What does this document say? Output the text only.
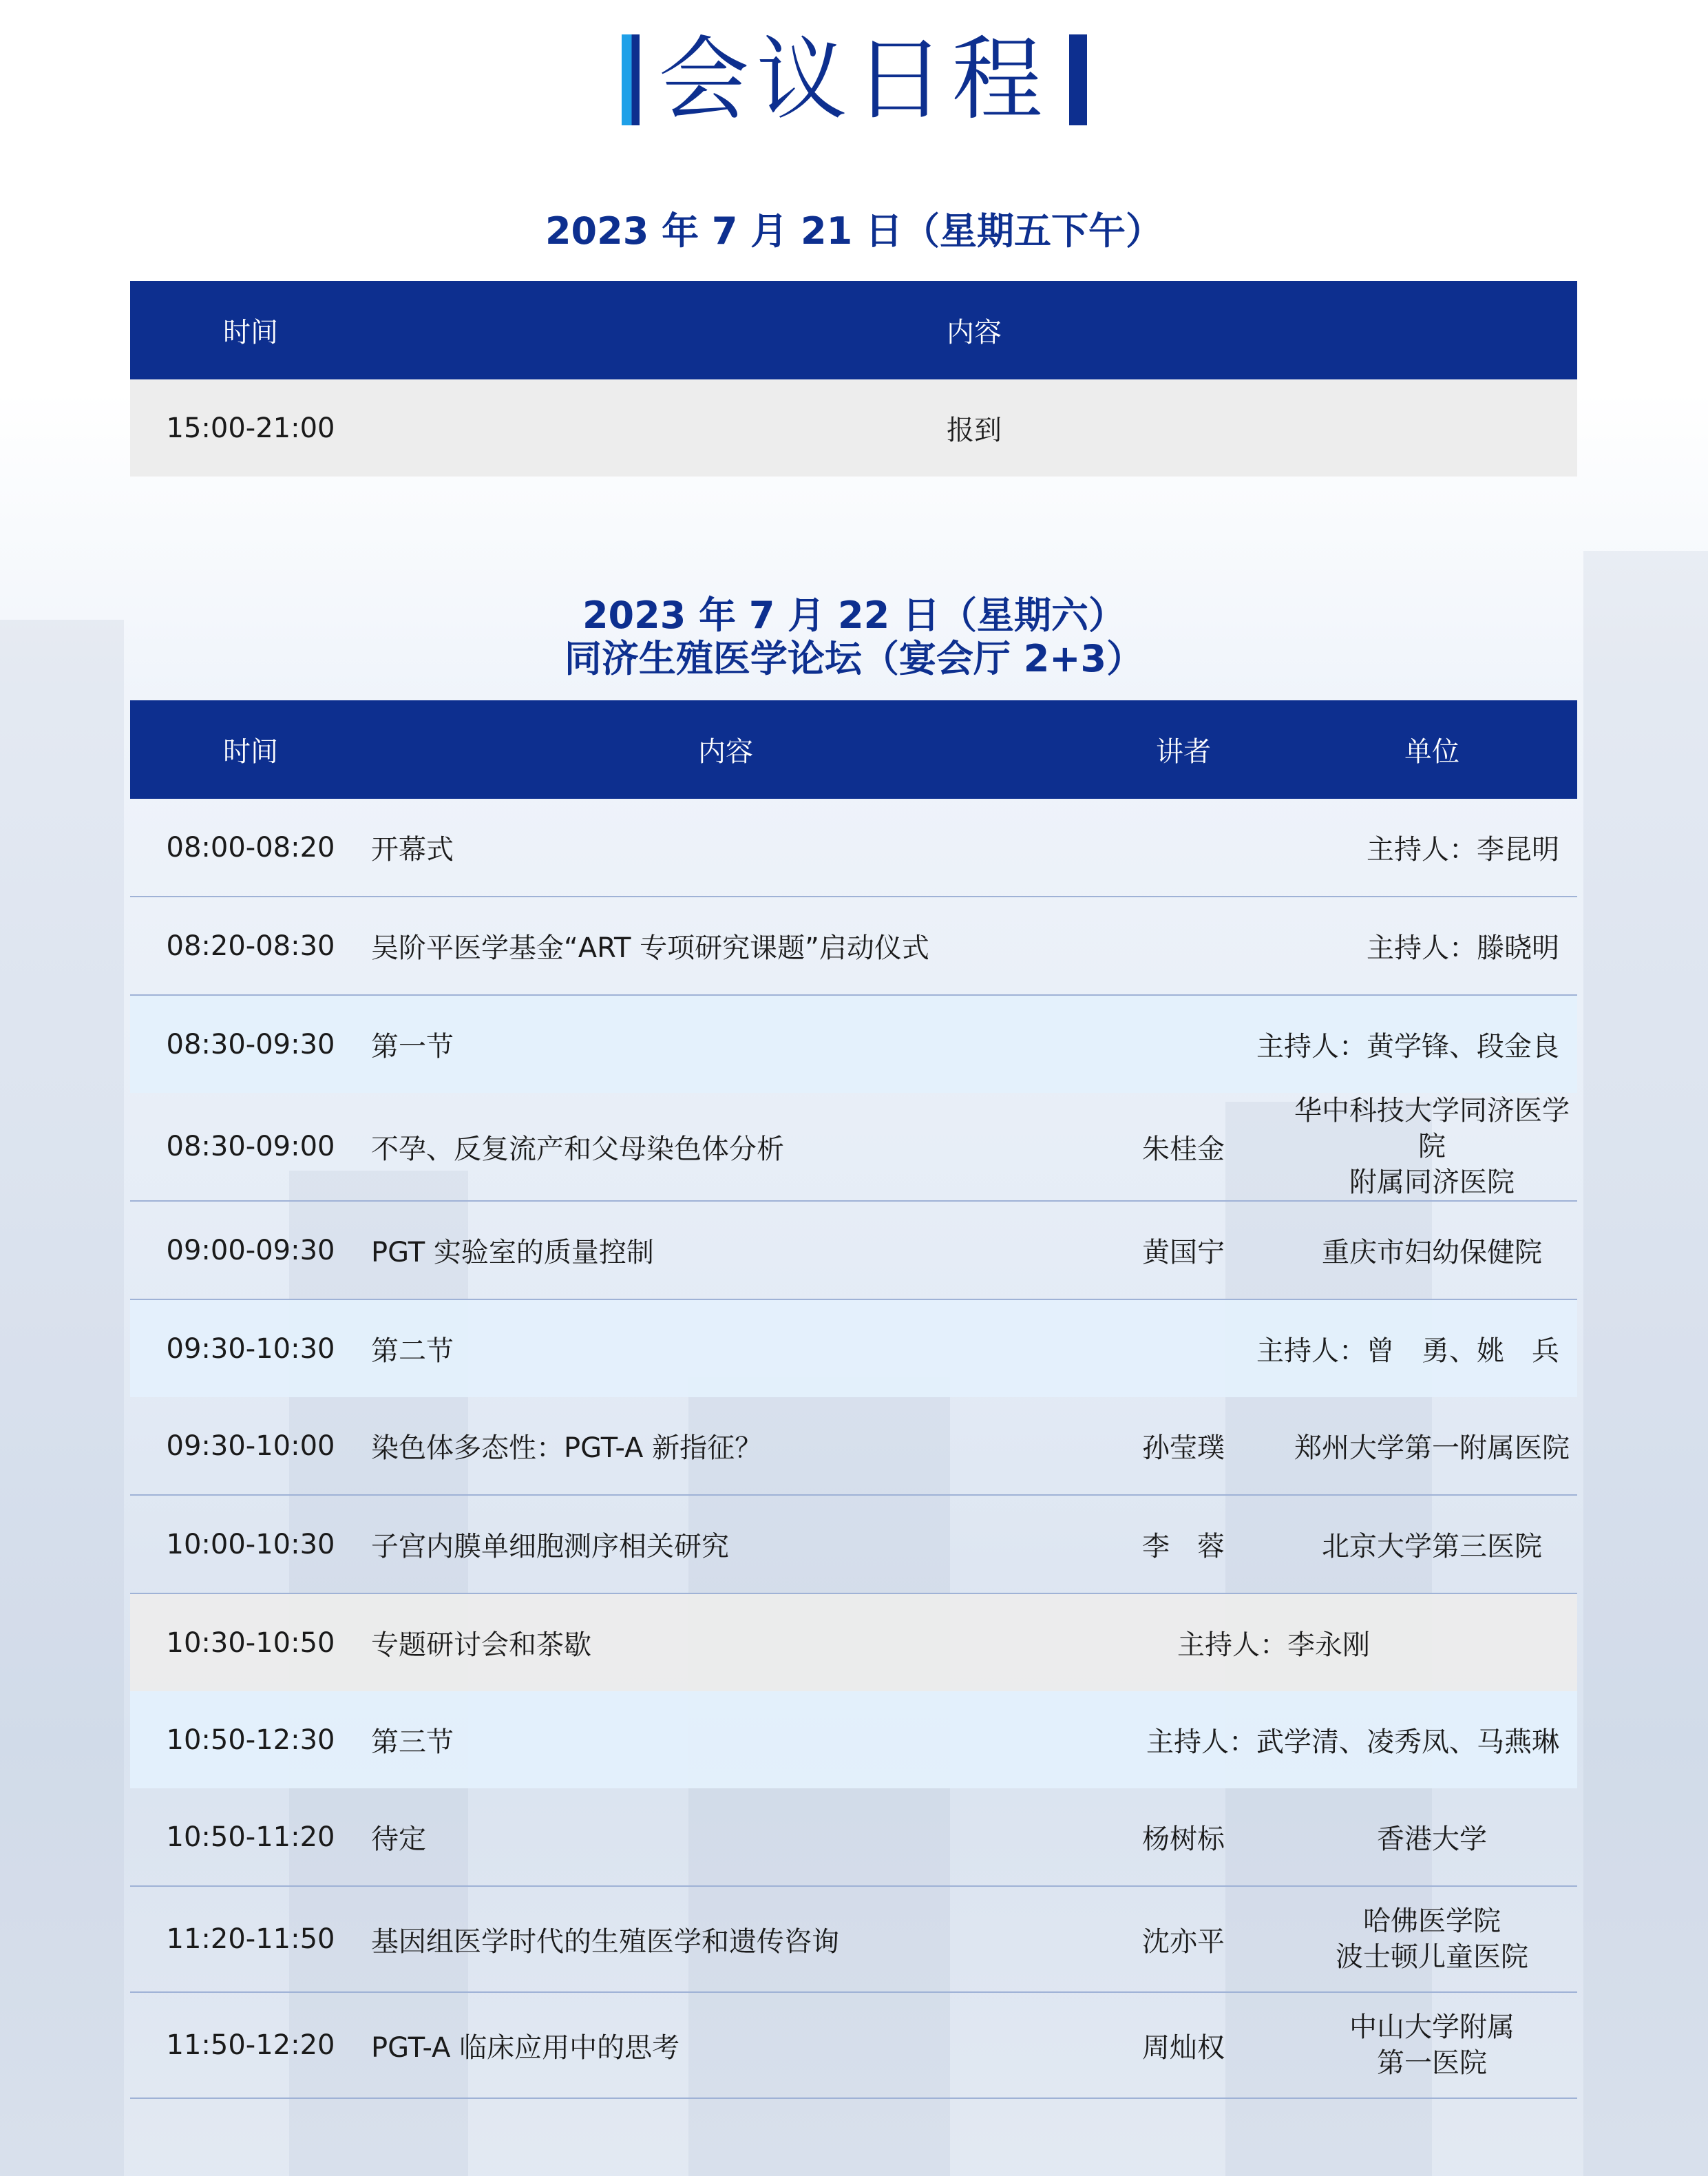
会议日程
2023 年 7 月 21 日（星期五下午）
时间	内容
15:00-21:00	报到
2023 年 7 月 22 日（星期六）
同济生殖医学论坛（宴会厅 2+3）
时间	内容	讲者	单位
08:00-08:20	开幕式	主持人：李昆明	
08:20-08:30	吴阶平医学基金“ART 专项研究课题”启动仪式	主持人：滕晓明	
08:30-09:30	第一节	主持人：黄学锋、段金良	
08:30-09:00	不孕、反复流产和父母染色体分析	朱桂金	华中科技大学同济医学院
附属同济医院

09:00-09:30	PGT 实验室的质量控制	黄国宁	重庆市妇幼保健院
09:30-10:30	第二节	主持人：曾　勇、姚　兵	
09:30-10:00	染色体多态性：PGT-A 新指征？	孙莹璞	郑州大学第一附属医院
10:00-10:30	子宫内膜单细胞测序相关研究	李　蓉	北京大学第三医院
10:30-10:50	专题研讨会和茶歇	主持人：李永刚	
10:50-12:30	第三节	主持人：武学清、凌秀凤、马燕琳	
10:50-11:20	待定	杨树标	香港大学
11:20-11:50	基因组医学时代的生殖医学和遗传咨询	沈亦平	哈佛医学院
波士顿儿童医院

11:50-12:20	PGT-A 临床应用中的思考	周灿权	中山大学附属
第一医院
